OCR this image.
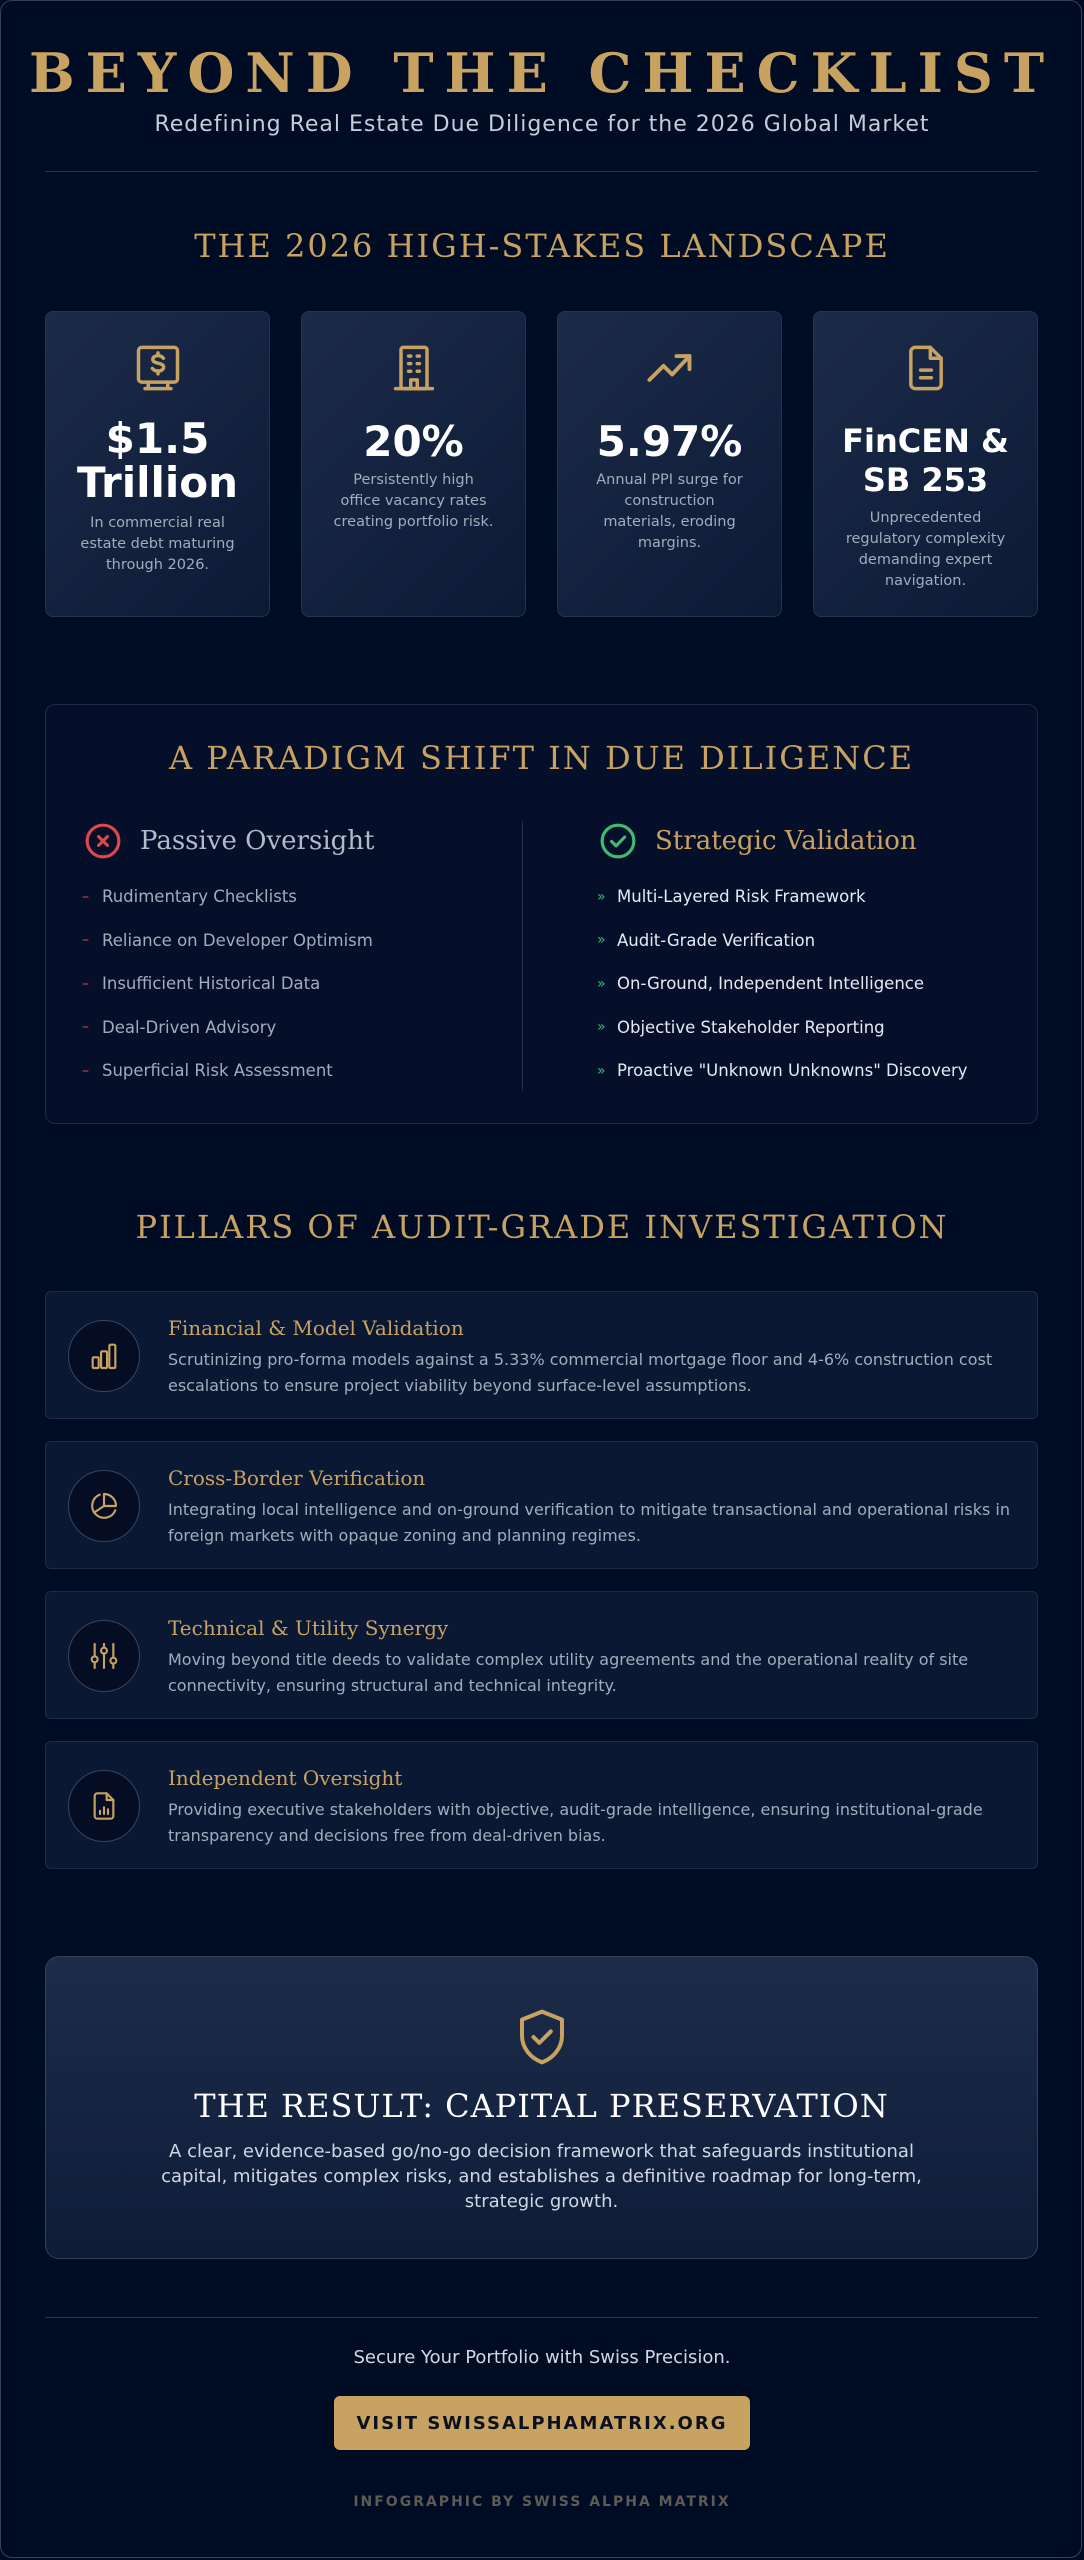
BEYOND THE CHECKLIST
Redefining Real Estate Due Diligence for the 2026 Global Market
THE 2026 HIGH-STAKES LANDSCAPE
$1.5
Trillion
In commercial real estate debt maturing through 2026.
20%
Persistently high office vacancy rates creating portfolio risk.
5.97%
Annual PPI surge for construction materials, eroding margins.
FinCEN &
SB 253
Unprecedented regulatory complexity demanding expert navigation.
A PARADIGM SHIFT IN DUE DILIGENCE
Passive Oversight
– Rudimentary Checklists
– Reliance on Developer Optimism
– Insufficient Historical Data
– Deal-Driven Advisory
– Superficial Risk Assessment
Strategic Validation
» Multi-Layered Risk Framework
» Audit-Grade Verification
» On-Ground, Independent Intelligence
» Objective Stakeholder Reporting
» Proactive "Unknown Unknowns" Discovery
PILLARS OF AUDIT-GRADE INVESTIGATION
Financial & Model Validation
Scrutinizing pro-forma models against a 5.33% commercial mortgage floor and 4-6% construction cost escalations to ensure project viability beyond surface-level assumptions.
Cross-Border Verification
Integrating local intelligence and on-ground verification to mitigate transactional and operational risks in foreign markets with opaque zoning and planning regimes.
Technical & Utility Synergy
Moving beyond title deeds to validate complex utility agreements and the operational reality of site connectivity, ensuring structural and technical integrity.
Independent Oversight
Providing executive stakeholders with objective, audit-grade intelligence, ensuring institutional-grade transparency and decisions free from deal-driven bias.
THE RESULT: CAPITAL PRESERVATION
A clear, evidence-based go/no-go decision framework that safeguards institutional capital, mitigates complex risks, and establishes a definitive roadmap for long-term, strategic growth.
Secure Your Portfolio with Swiss Precision.
VISIT SWISSALPHAMATRIX.ORG
INFOGRAPHIC BY SWISS ALPHA MATRIX
